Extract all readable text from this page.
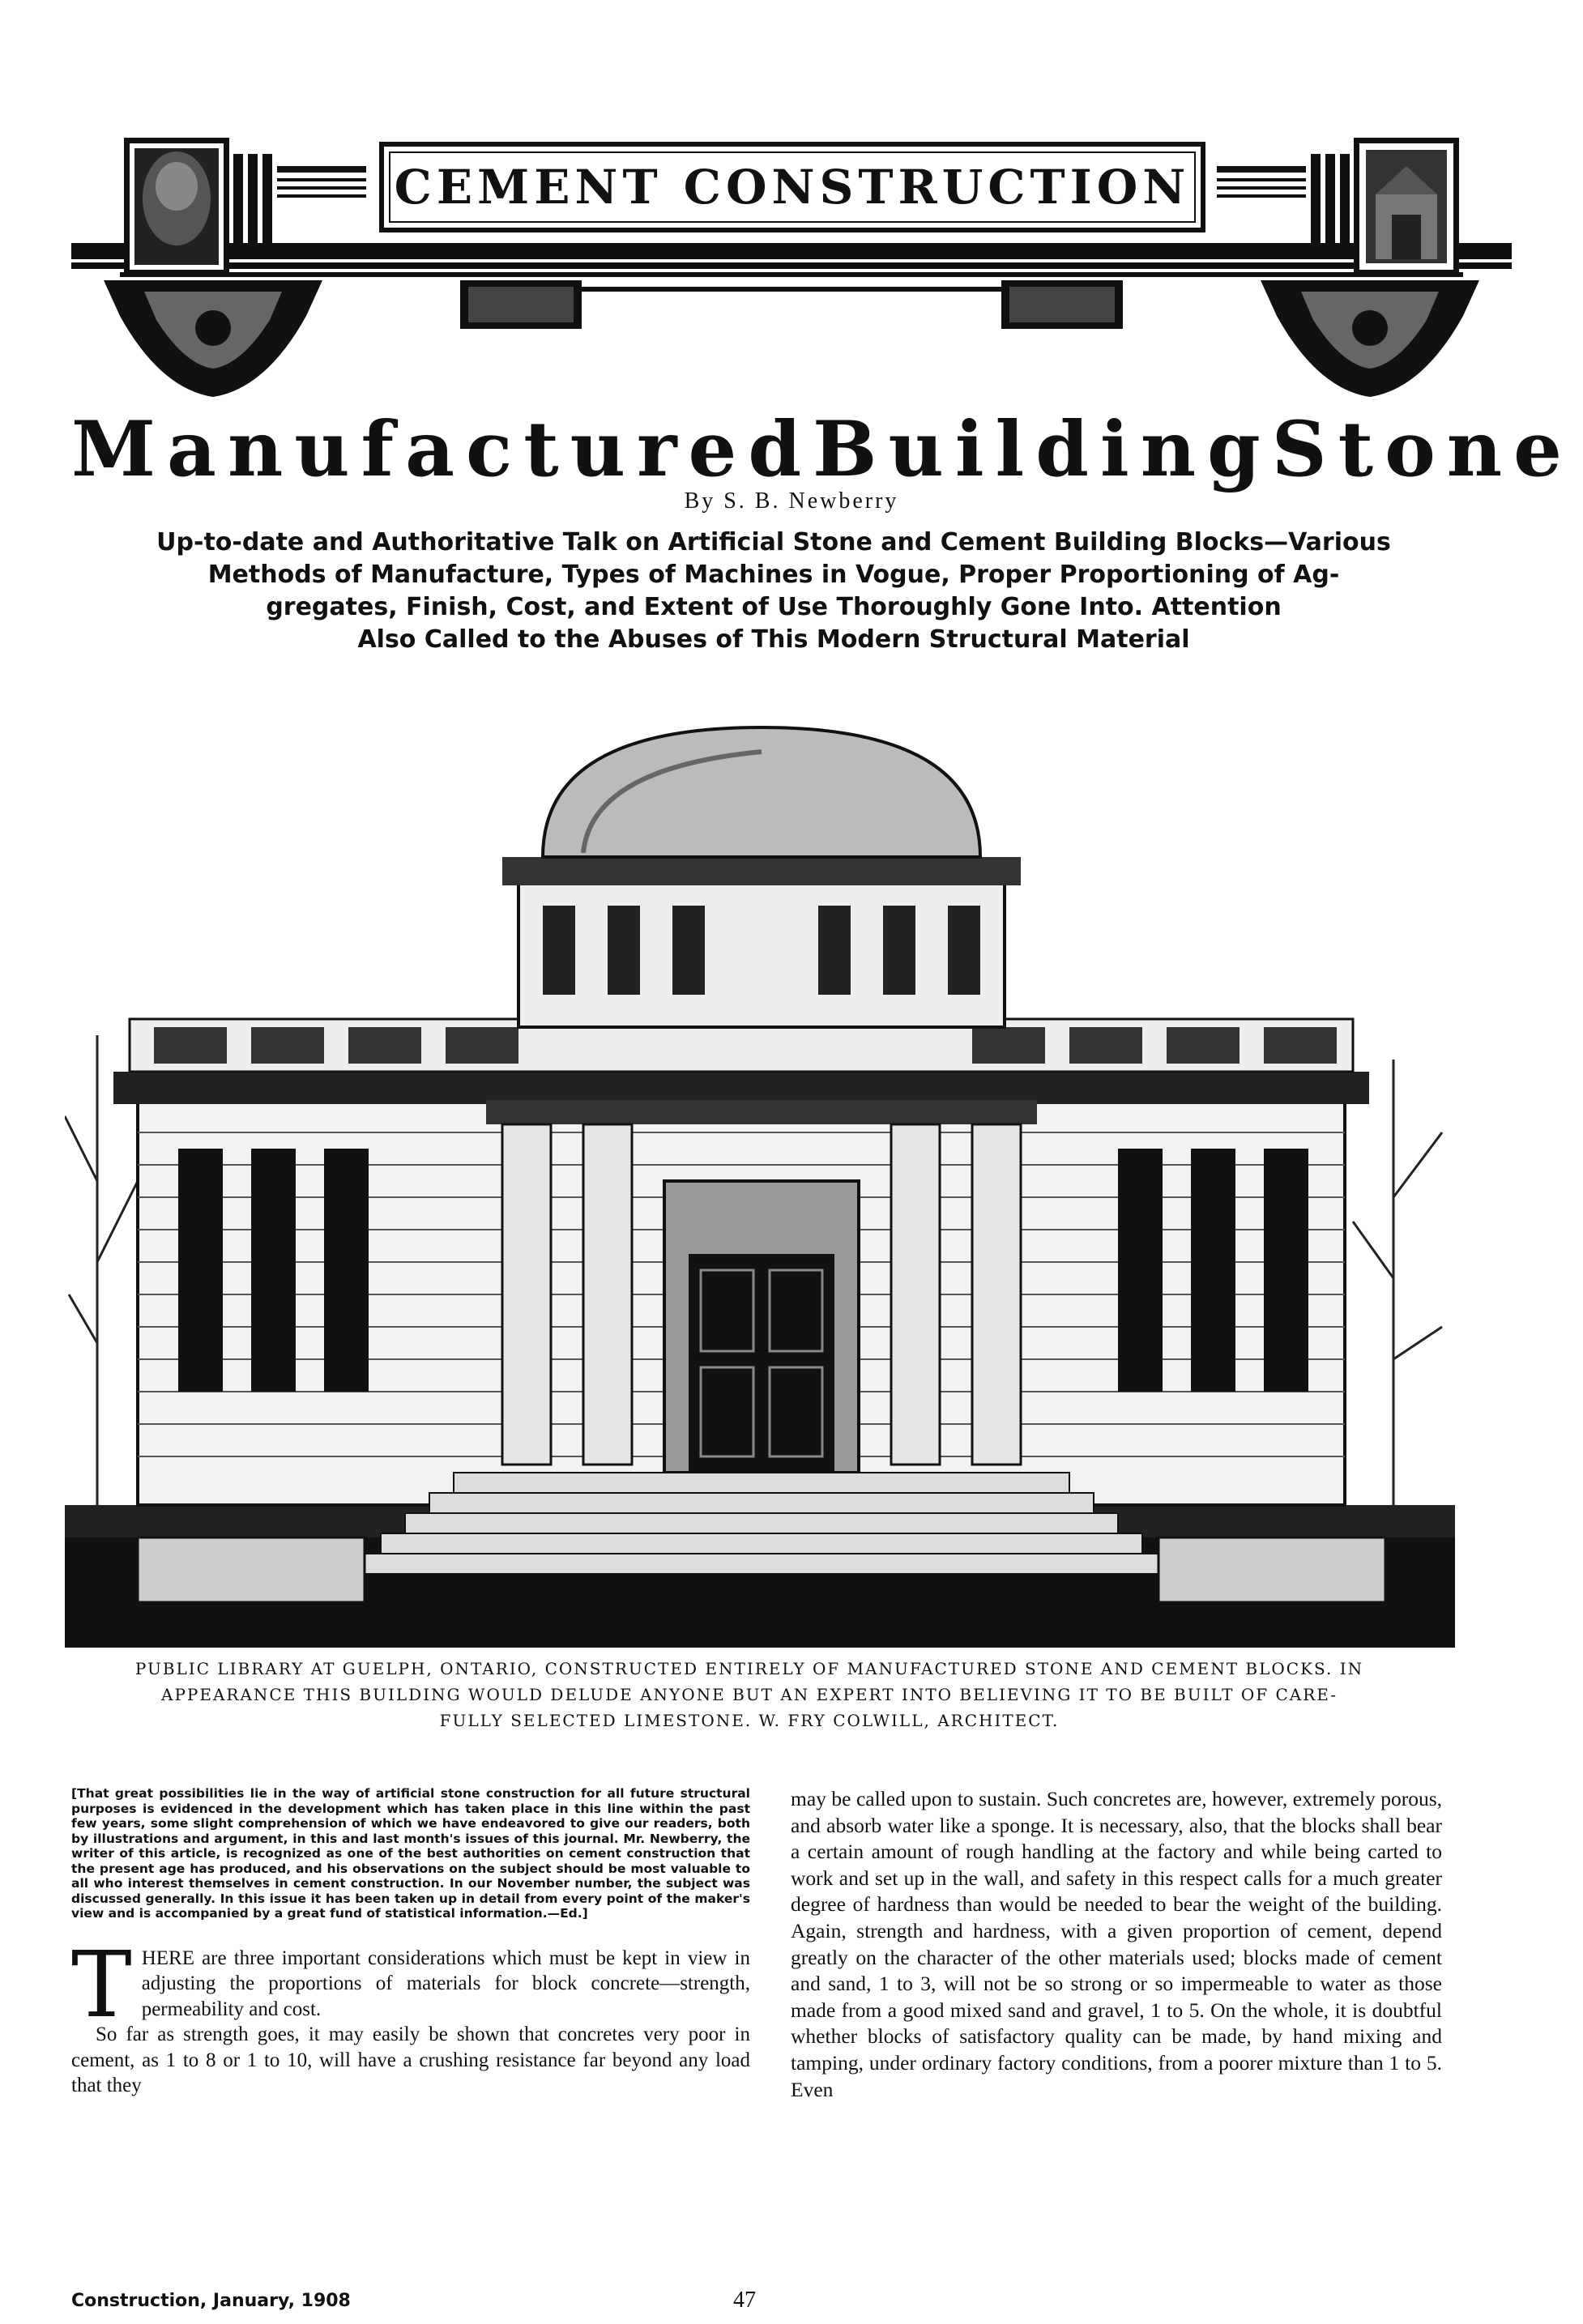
CEMENT CONSTRUCTION
Manufactured Building Stone
By S. B. Newberry
Up-to-date and Authoritative Talk on Artificial Stone and Cement Building Blocks—Various
Methods of Manufacture, Types of Machines in Vogue, Proper Proportioning of Ag-
gregates, Finish, Cost, and Extent of Use Thoroughly Gone Into. Attention
Also Called to the Abuses of This Modern Structural Material
PUBLIC LIBRARY AT GUELPH, ONTARIO, CONSTRUCTED ENTIRELY OF MANUFACTURED STONE AND CEMENT BLOCKS. IN
APPEARANCE THIS BUILDING WOULD DELUDE ANYONE BUT AN EXPERT INTO BELIEVING IT TO BE BUILT OF CARE-
FULLY SELECTED LIMESTONE. W. FRY COLWILL, ARCHITECT.

[That great possibilities lie in the way of artificial stone construction for all future structural purposes is evidenced in the development which has taken place in this line within the past few years, some slight comprehension of which we have endeavored to give our readers, both by illustrations and argument, in this and last month's issues of this journal. Mr. Newberry, the writer of this article, is recognized as one of the best authorities on cement construction that the present age has produced, and his observations on the subject should be most valuable to all who interest themselves in cement construction. In our November number, the subject was discussed generally. In this issue it has been taken up in detail from every point of the maker's view and is accompanied by a great fund of statistical information.—Ed.]

THERE are three important considerations which must be kept in view in adjusting the proportions of materials for block concrete—strength, permeability and cost.

So far as strength goes, it may easily be shown that concretes very poor in cement, as 1 to 8 or 1 to 10, will have a crushing resistance far beyond any load that they

may be called upon to sustain. Such concretes are, however, extremely porous, and absorb water like a sponge. It is necessary, also, that the blocks shall bear a certain amount of rough handling at the factory and while being carted to work and set up in the wall, and safety in this respect calls for a much greater degree of hardness than would be needed to bear the weight of the building. Again, strength and hardness, with a given proportion of cement, depend greatly on the character of the other materials used; blocks made of cement and sand, 1 to 3, will not be so strong or so impermeable to water as those made from a good mixed sand and gravel, 1 to 5. On the whole, it is doubtful whether blocks of satisfactory quality can be made, by hand mixing and tamping, under ordinary factory conditions, from a poorer mixture than 1 to 5. Even

Construction, January, 1908	47
